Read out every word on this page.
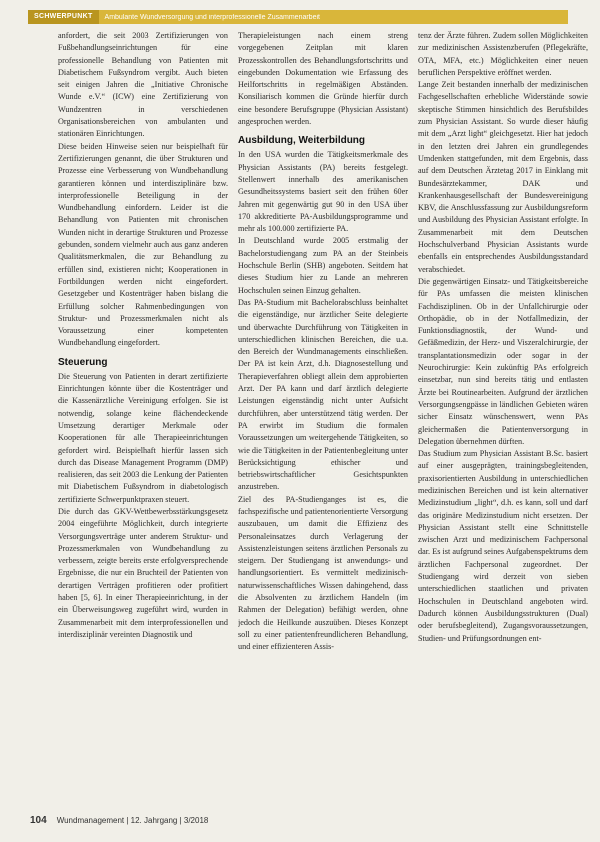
SCHWERPUNKT	Ambulante Wundversorgung und interprofessionelle Zusammenarbeit

anfordert, die seit 2003 Zertifizierungen von Fußbehandlungseinrichtungen für eine professionelle Behandlung von Patienten mit Diabetischem Fußsyndrom vergibt. Auch bieten seit einigen Jahren die „Initiative Chronische Wunde e.V.“ (ICW) eine Zertifizierung von Wundzentren in verschiedenen Organisationsbereichen von ambulanten und stationären Einrichtungen.

Diese beiden Hinweise seien nur beispielhaft für Zertifizierungen genannt, die über Strukturen und Prozesse eine Verbesserung von Wundbehandlung garantieren können und interdisziplinäre bzw. interprofessionelle Beteiligung in der Wundbehandlung einfordern. Leider ist die Behandlung von Patienten mit chronischen Wunden nicht in derartige Strukturen und Prozesse gebunden, sondern vielmehr auch aus ganz anderen Qualitätsmerkmalen, die zur Behandlung zu erfüllen sind, existieren nicht; Kooperationen in Fortbildungen werden nicht eingefordert. Gesetzgeber und Kostenträger haben bislang die Erfüllung solcher Rahmenbedingungen von Struktur- und Prozessmerkmalen nicht als Voraussetzung einer kompetenten Wundbehandlung eingefordert.

Steuerung

Die Steuerung von Patienten in derart zertifizierte Einrichtungen könnte über die Kostenträger und die Kassenärztliche Vereinigung erfolgen. Sie ist notwendig, solange keine flächendeckende Umsetzung derartiger Merkmale oder Kooperationen für alle Therapieeinrichtungen gefordert wird. Beispielhaft hierfür lassen sich durch das Disease Management Programm (DMP) realisieren, das seit 2003 die Lenkung der Patienten mit Diabetischem Fußsyndrom in diabetologisch zertifizierte Schwerpunktpraxen steuert.

Die durch das GKV-Wettbewerbsstärkungsgesetz 2004 eingeführte Möglichkeit, durch integrierte Versorgungsverträge unter anderem Struktur- und Prozessmerkmalen von Wundbehandlung zu verbessern, zeigte bereits erste erfolgversprechende Ergebnisse, die nur ein Bruchteil der Patienten von derartigen Verträgen profitieren oder profitiert haben [5, 6]. In einer Therapieeinrichtung, in der ein Überweisungsweg zugeführt wird, wurden in Zusammenarbeit mit dem interprofessionellen und interdisziplinär vereinten Diagnostik und

Therapieleistungen nach einem streng vorgegebenen Zeitplan mit klaren Prozesskontrollen des Behandlungsfortschritts und eingebunden Dokumentation wie Erfassung des Heilfortschritts in regelmäßigen Abständen. Konsiliarisch kommen die Gründe hierfür durch eine besondere Berufsgruppe (Physician Assistant) angesprochen werden.

Ausbildung, Weiterbildung

In den USA wurden die Tätigkeitsmerkmale des Physician Assistants (PA) bereits festgelegt. Stellenwert innerhalb des amerikanischen Gesundheitssystems basiert seit den frühen 60er Jahren mit gegenwärtig gut 90 in den USA über 170 akkreditierte PA-Ausbildungsprogramme und mehr als 100.000 zertifizierte PA.

In Deutschland wurde 2005 erstmalig der Bachelorstudiengang zum PA an der Steinbeis Hochschule Berlin (SHB) angeboten. Seitdem hat dieses Studium hier zu Lande an mehreren Hochschulen seinen Einzug gehalten.

Das PA-Studium mit Bachelorabschluss beinhaltet die eigenständige, nur ärztlicher Seite delegierte und überwachte Durchführung von Tätigkeiten in unterschiedlichen klinischen Bereichen, die u.a. den Bereich der Wundmanagements einschließen. Der PA ist kein Arzt, d.h. Diagnosestellung und Therapieverfahren obliegt allein dem approbierten Arzt. Der PA kann und darf ärztlich delegierte Leistungen eigenständig nicht unter Aufsicht durchführen, aber unterstützend tätig werden. Der PA erwirbt im Studium die formalen Voraussetzungen um weitergehende Tätigkeiten, so wie die Tätigkeiten in der Patientenbegleitung unter Berücksichtigung ethischer und betriebswirtschaftlicher Gesichtspunkten anzustreben.

Ziel des PA-Studienganges ist es, die fachspezifische und patientenorientierte Versorgung auszubauen, um damit die Effizienz des Personaleinsatzes durch Verlagerung der Assistenzleistungen seitens ärztlichen Personals zu steigern. Der Studiengang ist anwendungs- und handlungsorientiert. Es vermittelt medizinisch-naturwissenschaftliches Wissen dahingehend, dass die Absolventen zu ärztlichem Handeln (im Rahmen der Delegation) befähigt werden, ohne jedoch die Heilkunde auszuüben. Dieses Konzept soll zu einer patientenfreundlicheren Behandlung, und einer effizienteren Assis-

tenz der Ärzte führen. Zudem sollen Möglichkeiten zur medizinischen Assistenzberufen (Pflegekräfte, OTA, MFA, etc.) Möglichkeiten einer neuen beruflichen Perspektive eröffnet werden.

Lange Zeit bestanden innerhalb der medizinischen Fachgesellschaften erhebliche Widerstände sowie skeptische Stimmen hinsichtlich des Berufsbildes zum Physician Assistant. So wurde dieser häufig mit dem „Arzt light“ gleichgesetzt. Hier hat jedoch in den letzten drei Jahren ein grundlegendes Umdenken stattgefunden, mit dem Ergebnis, dass auf dem Deutschen Ärztetag 2017 in Einklang mit Bundesärztekammer, DAK und Krankenhausgesellschaft der Bundesvereinigung KBV, die Anschlussfassung zur Ausbildungsreform und Ausbildung des Physician Assistant erfolgte. In Zusammenarbeit mit dem Deutschen Hochschulverband Physician Assistants wurde ebenfalls ein entsprechendes Ausbildungsstandard verabschiedet.

Die gegenwärtigen Einsatz- und Tätigkeitsbereiche für PAs umfassen die meisten klinischen Fachdisziplinen. Ob in der Unfallchirurgie oder Orthopädie, ob in der Notfallmedizin, der Funktionsdiagnostik, der Wund- und Gefäßmedizin, der Herz- und Viszeralchirurgie, der transplantationsmedizin oder sogar in der Neurochirurgie: Kein zukünftig PAs erfolgreich einsetzbar, nun sind bereits tätig und entlasten Ärzte bei Routinearbeiten. Aufgrund der ärztlichen Versorgungsengpässe in ländlichen Gebieten wären sicher Einsatz wünschenswert, wenn PAs gleichermaßen die Patientenversorgung in Delegation übernehmen dürften.

Das Studium zum Physician Assistant B.Sc. basiert auf einer ausgeprägten, trainingsbegleitenden, praxisorientierten Ausbildung in unterschiedlichen medizinischen Bereichen und ist kein alternativer Medizinstudium „light“, d.h. es kann, soll und darf das originäre Medizinstudium nicht ersetzen. Der Physician Assistant stellt eine Schnittstelle zwischen Arzt und medizinischem Fachpersonal dar. Es ist aufgrund seines Aufgabenspektrums dem ärztlichen Fachpersonal zugeordnet. Der Studiengang wird derzeit von sieben unterschiedlichen staatlichen und privaten Hochschulen in Deutschland angeboten wird. Dadurch können Ausbildungsstrukturen (Dual) oder berufsbegleitend), Zugangsvoraussetzungen, Studien- und Prüfungsordnungen ent-

104 Wundmanagement | 12. Jahrgang | 3/2018
